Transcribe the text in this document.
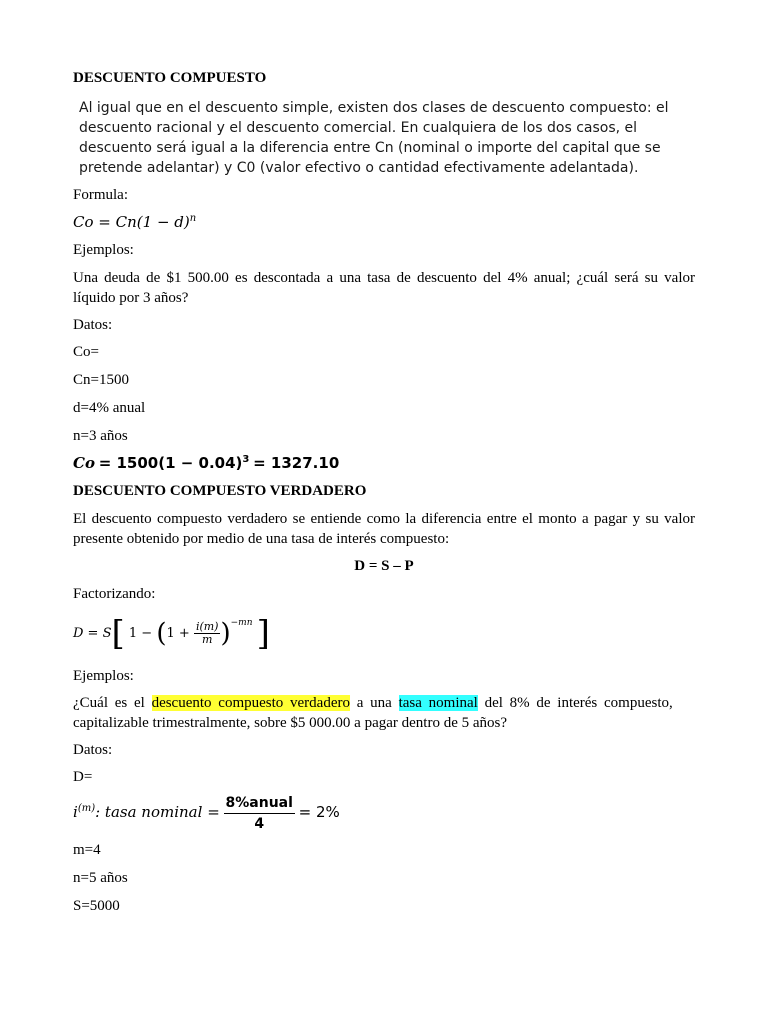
DESCUENTO COMPUESTO
Al igual que en el descuento simple, existen dos clases de descuento compuesto: el
descuento racional y el descuento comercial. En cualquiera de los dos casos, el
descuento será igual a la diferencia entre Cn (nominal o importe del capital que se
pretende adelantar) y C0 (valor efectivo o cantidad efectivamente adelantada).
Formula:
$Co = Cn(1 - d)^n$
Ejemplos:
Una deuda de $1 500.00 es descontada a una tasa de descuento del 4% anual; ¿cuál será su valor líquido por 3 años?
Datos:
Co=
Cn=1500
d=4% anual
n=3 años
$Co = 1500(1 - 0.04)^3 = 1327.10$
DESCUENTO COMPUESTO VERDADERO
El descuento compuesto verdadero se entiende como la diferencia entre el monto a pagar y su valor presente obtenido por medio de una tasa de interés compuesto:
D = S – P
Factorizando:
D = S[ $1 - (1 + \frac{i(m)}{m} )^{-mn}$ ]
Ejemplos:
¿Cuál es el descuento compuesto verdadero a una tasa nominal del 8% de interés compuesto,
capitalizable trimestralmente, sobre $5 000.00 a pagar dentro de 5 años?
Datos:
D=
$i^{(m)}$: tasa nominal = $\frac{\text{8\%anual}}{4} = 2\%$
m=4
n=5 años
S=5000
